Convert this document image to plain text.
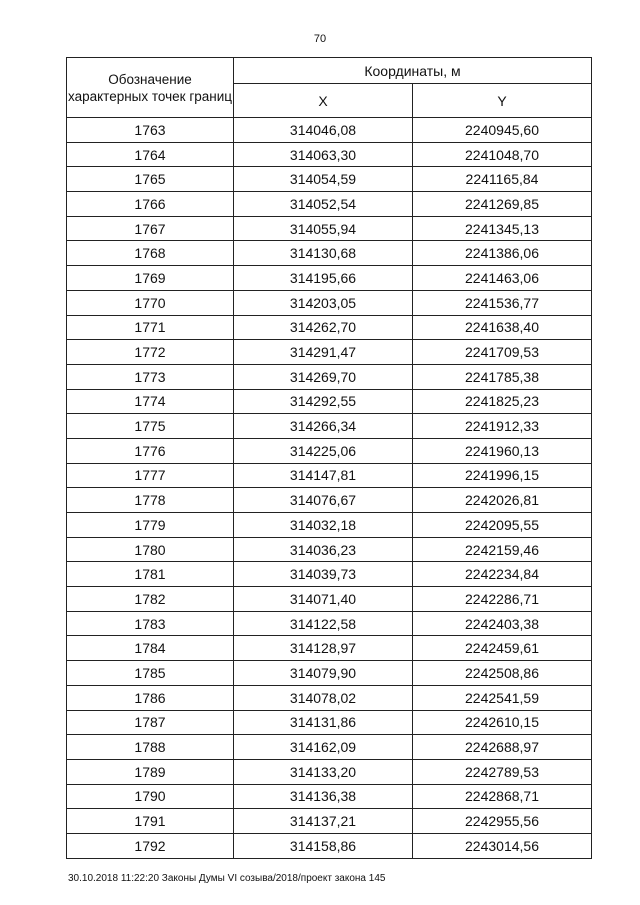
70
Обозначение характерных точек границ	Координаты, м	
	X	Y
1763	314046,08	2240945,60
1764	314063,30	2241048,70
1765	314054,59	2241165,84
1766	314052,54	2241269,85
1767	314055,94	2241345,13
1768	314130,68	2241386,06
1769	314195,66	2241463,06
1770	314203,05	2241536,77
1771	314262,70	2241638,40
1772	314291,47	2241709,53
1773	314269,70	2241785,38
1774	314292,55	2241825,23
1775	314266,34	2241912,33
1776	314225,06	2241960,13
1777	314147,81	2241996,15
1778	314076,67	2242026,81
1779	314032,18	2242095,55
1780	314036,23	2242159,46
1781	314039,73	2242234,84
1782	314071,40	2242286,71
1783	314122,58	2242403,38
1784	314128,97	2242459,61
1785	314079,90	2242508,86
1786	314078,02	2242541,59
1787	314131,86	2242610,15
1788	314162,09	2242688,97
1789	314133,20	2242789,53
1790	314136,38	2242868,71
1791	314137,21	2242955,56
1792	314158,86	2243014,56
30.10.2018 11:22:20 Законы Думы VI созыва/2018/проект закона 145
